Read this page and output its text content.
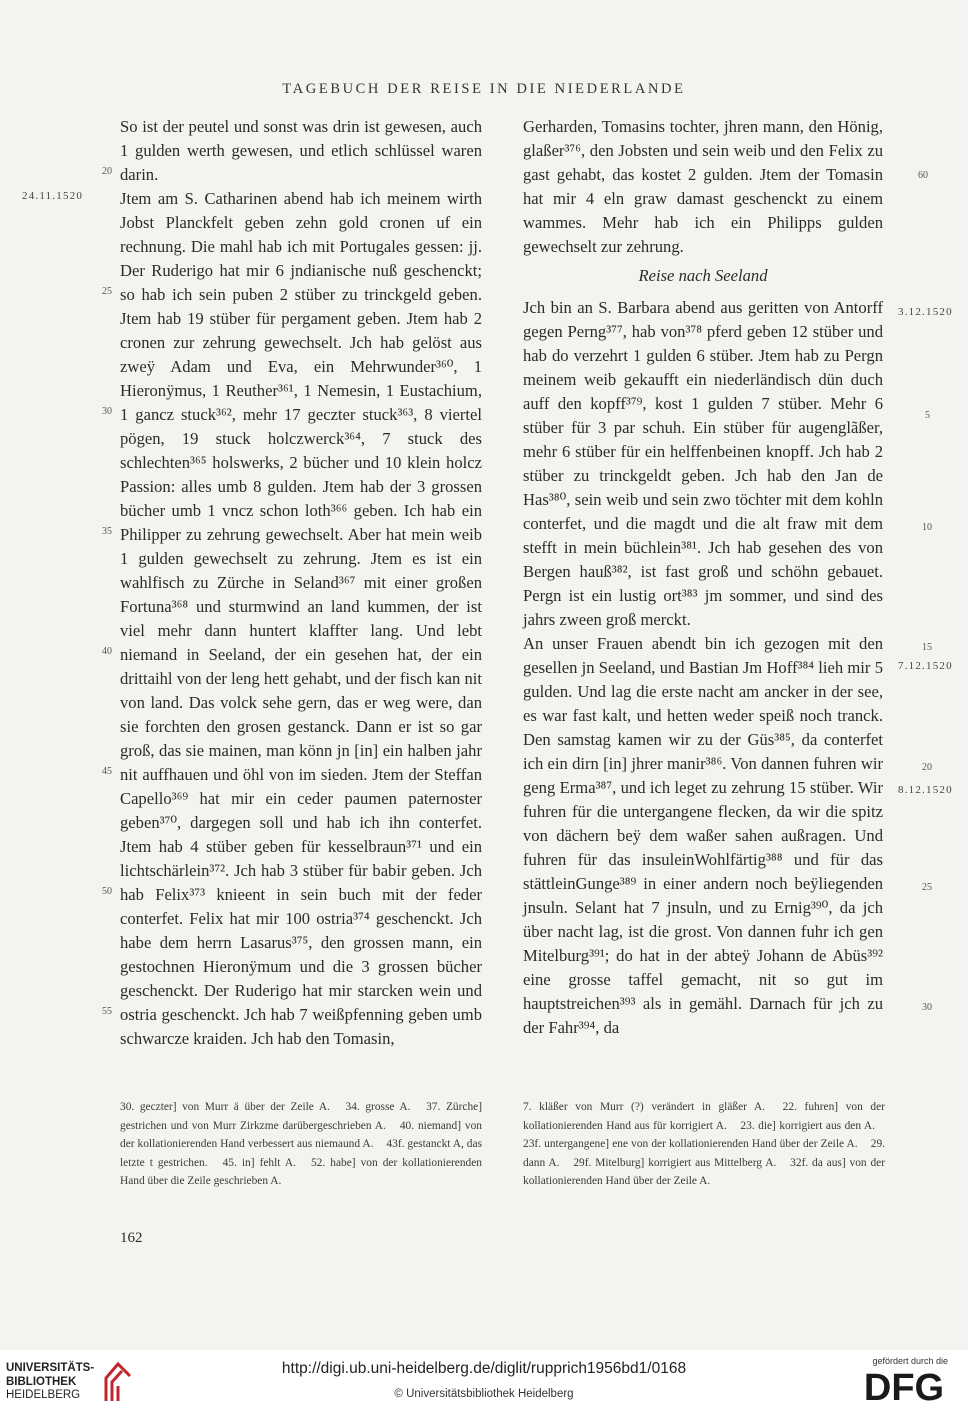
TAGEBUCH DER REISE IN DIE NIEDERLANDE

So ist der peutel und sonst was drin ist gewesen, auch 1 gulden werth gewesen, und etlich schlüssel waren darin.

Jtem am S. Catharinen abend hab ich meinem wirth Jobst Planckfelt geben zehn gold cronen uf ein rechnung. Die mahl hab ich mit Portugales gessen: jj. Der Ruderigo hat mir 6 jndianische nuß geschenckt; so hab ich sein puben 2 stüber zu trinckgeld geben. Jtem hab 19 stüber für pergament geben. Jtem hab 2 cronen zur zehrung gewechselt. Jch hab gelöst aus zweÿ Adam und Eva, ein Mehrwunder³⁶⁰, 1 Hieronÿmus, 1 Reuther³⁶¹, 1 Nemesin, 1 Eustachium, 1 gancz stuck³⁶², mehr 17 geczter stuck³⁶³, 8 viertel pögen, 19 stuck holczwerck³⁶⁴, 7 stuck des schlechten³⁶⁵ holswerks, 2 bücher und 10 klein holcz Passion: alles umb 8 gulden. Jtem hab der 3 grossen bücher umb 1 vncz schon loth³⁶⁶ geben. Ich hab ein Philipper zu zehrung gewechselt. Aber hat mein weib 1 gulden gewechselt zu zehrung. Jtem es ist ein wahlfisch zu Zürche in Seland³⁶⁷ mit einer großen Fortuna³⁶⁸ und sturmwind an land kummen, der ist viel mehr dann huntert klaffter lang. Und lebt niemand in Seeland, der ein gesehen hat, der ein drittaihl von der leng hett gehabt, und der fisch kan nit von land. Das volck sehe gern, das er weg were, dan sie forchten den grosen gestanck. Dann er ist so gar groß, das sie mainen, man könn jn [in] ein halben jahr nit auffhauen und öhl von im sieden. Jtem der Steffan Capello³⁶⁹ hat mir ein ceder paumen paternoster geben³⁷⁰, dargegen soll und hab ich ihn conterfet. Jtem hab 4 stüber geben für kesselbraun³⁷¹ und ein lichtschärlein³⁷². Jch hab 3 stüber für babir geben. Jch hab Felix³⁷³ knieent in sein buch mit der feder conterfet. Felix hat mir 100 ostria³⁷⁴ geschenckt. Jch habe dem herrn Lasarus³⁷⁵, den grossen mann, ein gestochnen Hieronÿmum und die 3 grossen bücher geschenckt. Der Ruderigo hat mir starcken wein und ostria geschenckt. Jch hab 7 weißpfenning geben umb schwarcze kraiden. Jch hab den Tomasin,

Gerharden, Tomasins tochter, jhren mann, den Hönig, glaßer³⁷⁶, den Jobsten und sein weib und den Felix zu gast gehabt, das kostet 2 gulden. Jtem der Tomasin hat mir 4 eln graw damast geschenckt zu einem wammes. Mehr hab ich ein Philipps gulden gewechselt zur zehrung.

Reise nach Seeland

Jch bin an S. Barbara abend aus geritten von Antorff gegen Perng³⁷⁷, hab von³⁷⁸ pferd geben 12 stüber und hab do verzehrt 1 gulden 6 stüber. Jtem hab zu Pergn meinem weib gekaufft ein niederländisch dün duch auff den kopff³⁷⁹, kost 1 gulden 7 stüber. Mehr 6 stüber für 3 par schuh. Ein stüber für augenglãßer, mehr 6 stüber für ein helffenbeinen knopff. Jch hab 2 stüber zu trinckgeldt geben. Jch hab den Jan de Has³⁸⁰, sein weib und sein zwo töchter mit dem kohln conterfet, und die magdt und die alt fraw mit dem stefft in mein büchlein³⁸¹. Jch hab gesehen des von Bergen hauß³⁸², ist fast groß und schöhn gebauet. Pergn ist ein lustig ort³⁸³ jm sommer, und sind des jahrs zween groß merckt.

An unser Frauen abendt bin ich gezogen mit den gesellen jn Seeland, und Bastian Jm Hoff³⁸⁴ lieh mir 5 gulden. Und lag die erste nacht am ancker in der see, es war fast kalt, und hetten weder speiß noch tranck. Den samstag kamen wir zu der Güs³⁸⁵, da conterfet ich ein dirn [in] jhrer manir³⁸⁶. Von dannen fuhren wir geng Erma³⁸⁷, und ich leget zu zehrung 15 stüber. Wir fuhren für die untergangene flecken, da wir die spitz von dächern beÿ dem waßer sahen außragen. Und fuhren für das insuleinWohlfärtig³⁸⁸ und für das stättleinGunge³⁸⁹ in einer andern noch beÿliegenden jnsuln. Selant hat 7 jnsuln, und zu Ernig³⁹⁰, da jch über nacht lag, ist die grost. Von dannen fuhr ich gen Mitelburg³⁹¹; do hat in der abteÿ Johann de Abüs³⁹² eine grosse taffel gemacht, nit so gut im hauptstreichen³⁹³ als in gemähl. Darnach für jch zu der Fahr³⁹⁴, da

20
25
30
35
40
45
50
55
60
5
10
15
20
25
30
24.11.1520
3.12.1520
7.12.1520
8.12.1520
30. geczter] von Murr ä über der Zeile A. 34. grosse A. 37. Zürche] gestrichen und von Murr Zirkzme darübergeschrieben A. 40. niemand] von der kollationierenden Hand verbessert aus niemaund A. 43f. gestanckt A, das letzte t gestrichen. 45. in] fehlt A. 52. habe] von der kollationierenden Hand über die Zeile geschrieben A.
7. kläßer von Murr (?) verändert in gläßer A. 22. fuhren] von der kollationierenden Hand aus für korrigiert A. 23. die] korrigiert aus den A. 23f. untergangene] ene von der kollationierenden Hand über der Zeile A. 29. dann A. 29f. Mitelburg] korrigiert aus Mittelberg A. 32f. da aus] von der kollationierenden Hand über der Zeile A.
162
UNIVERSITÄTS-
BIBLIOTHEK
HEIDELBERG
http://digi.ub.uni-heidelberg.de/diglit/rupprich1956bd1/0168
© Universitätsbibliothek Heidelberg
gefördert durch die
DFG
